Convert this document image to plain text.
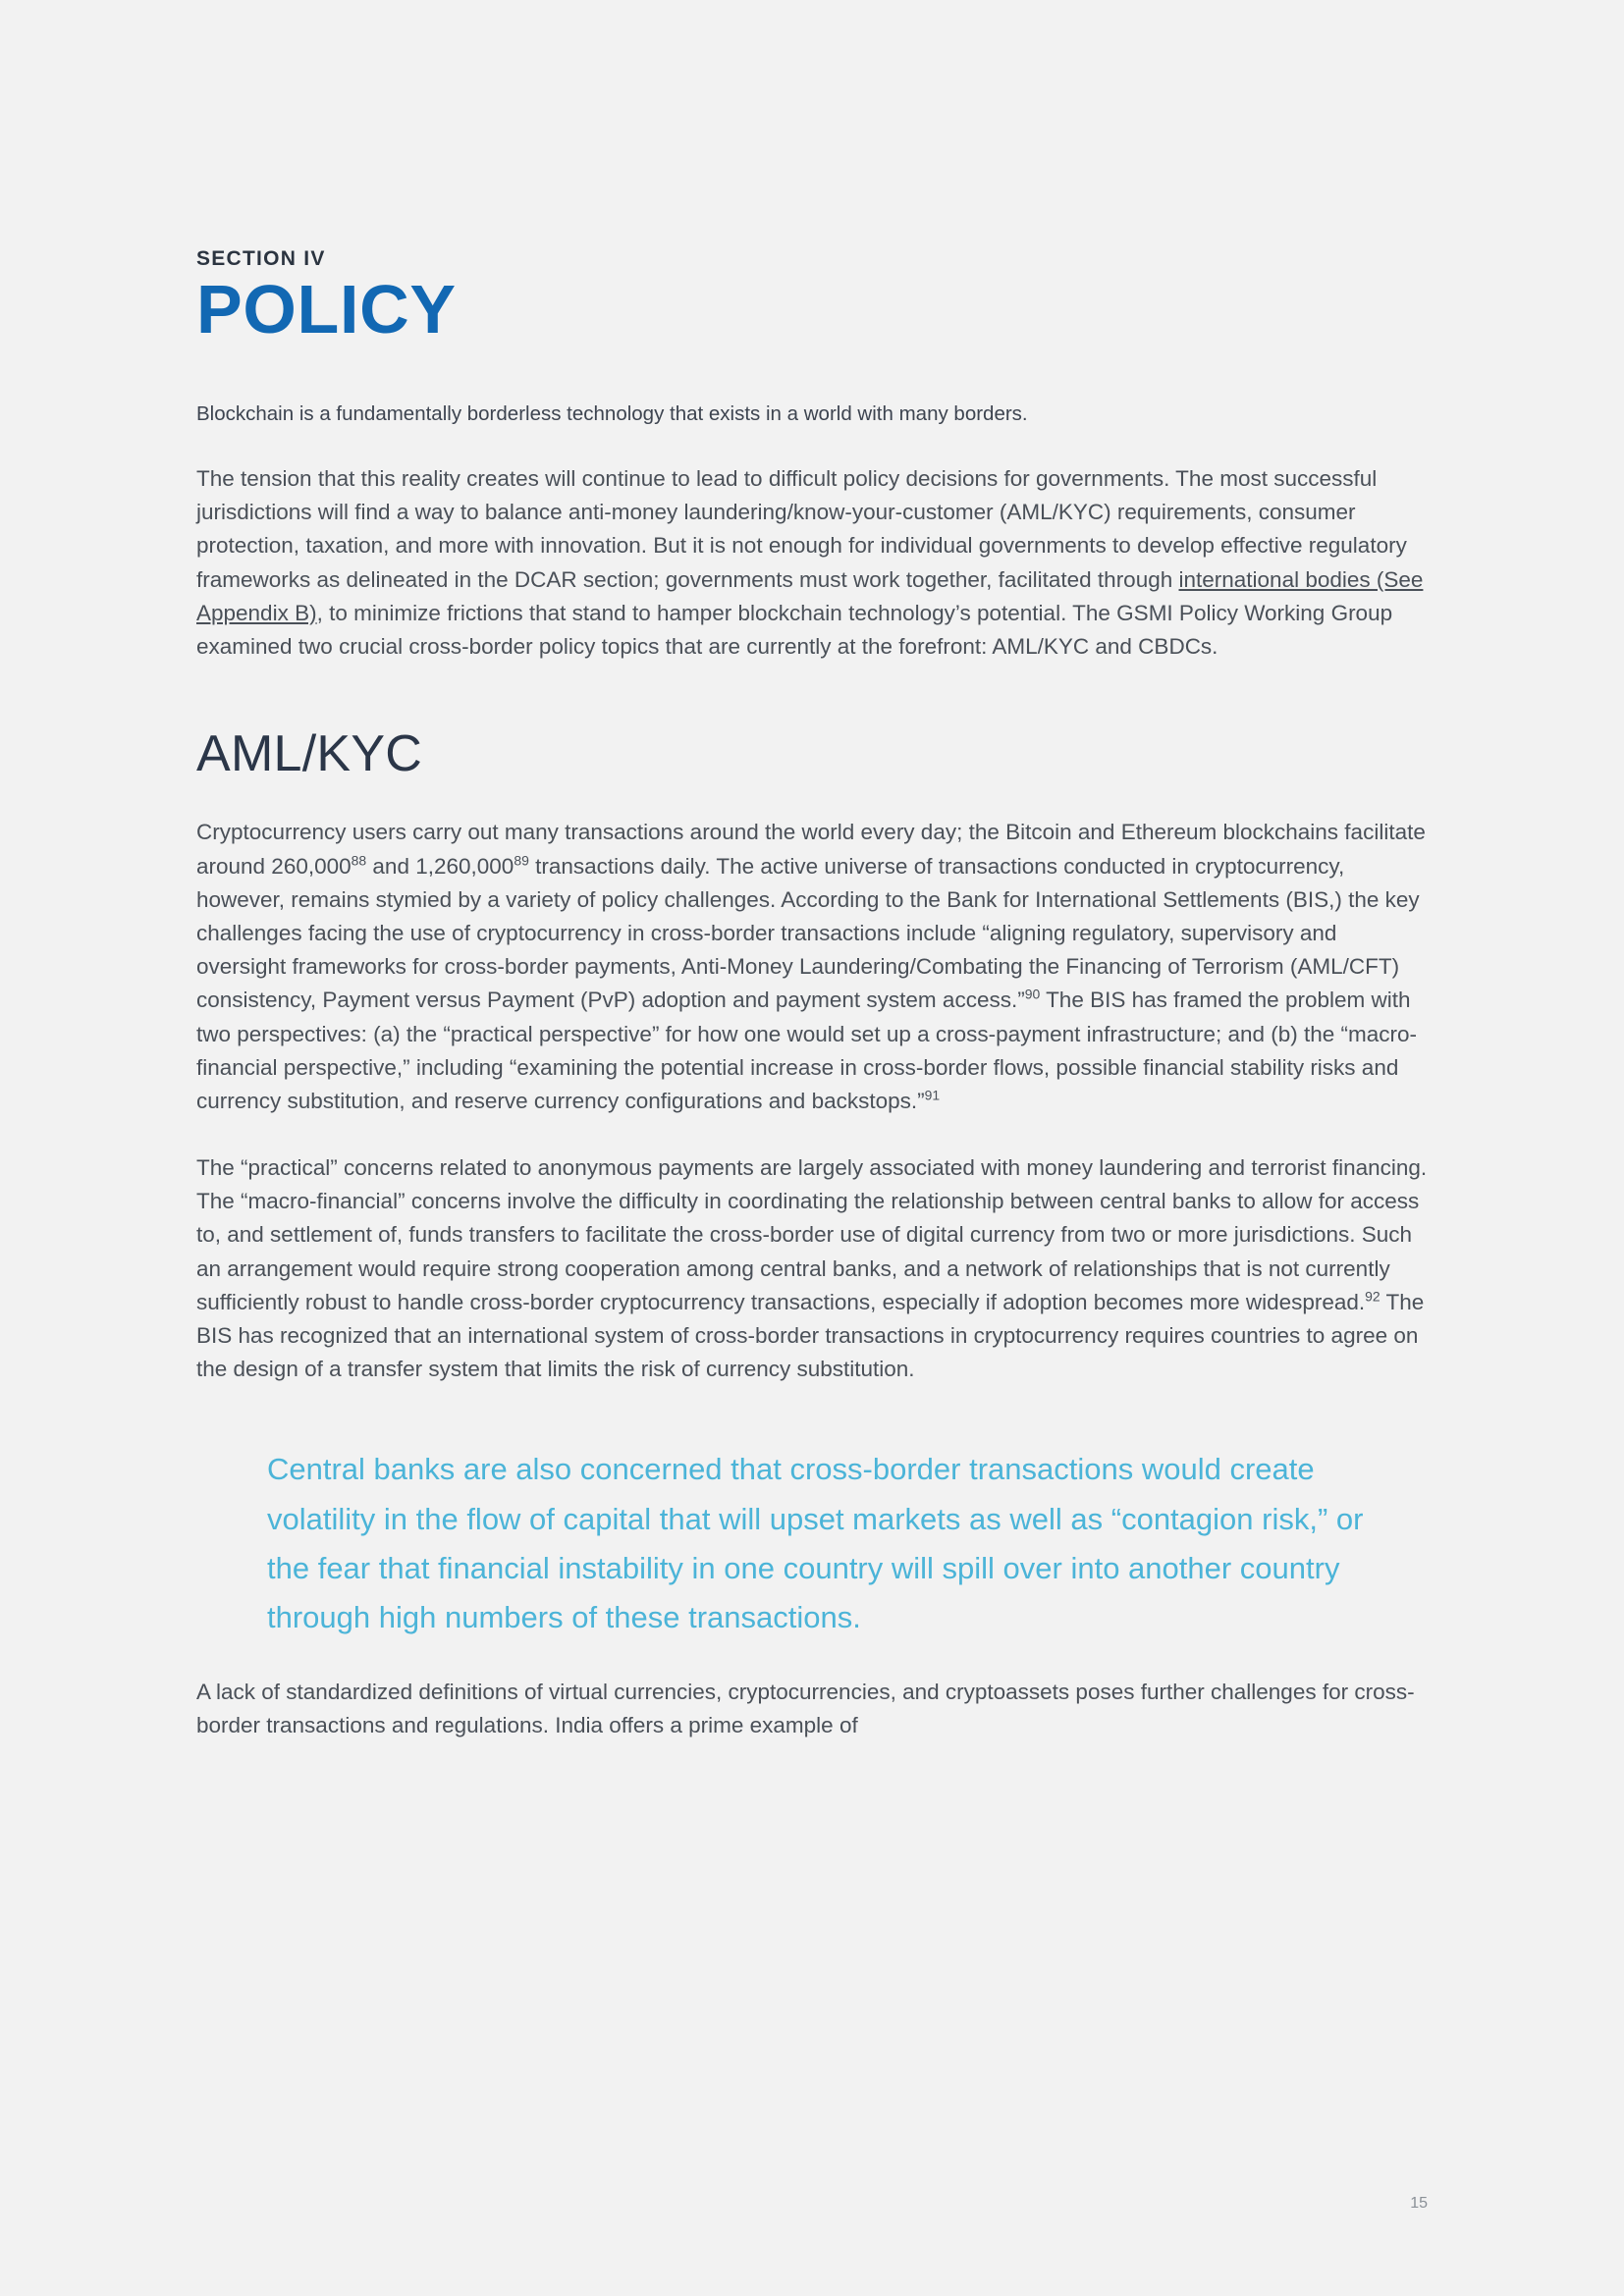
SECTION IV
POLICY

Blockchain is a fundamentally borderless technology that exists in a world with many borders.

The tension that this reality creates will continue to lead to difficult policy decisions for governments. The most successful jurisdictions will find a way to balance anti-money laundering/know-your-customer (AML/KYC) requirements, consumer protection, taxation, and more with innovation. But it is not enough for individual governments to develop effective regulatory frameworks as delineated in the DCAR section; governments must work together, facilitated through international bodies (See Appendix B), to minimize frictions that stand to hamper blockchain technology’s potential. The GSMI Policy Working Group examined two crucial cross-border policy topics that are currently at the forefront: AML/KYC and CBDCs.

AML/KYC

Cryptocurrency users carry out many transactions around the world every day; the Bitcoin and Ethereum blockchains facilitate around 260,000$^{88}$ and 1,260,000$^{89}$ transactions daily. The active universe of transactions conducted in cryptocurrency, however, remains stymied by a variety of policy challenges. According to the Bank for International Settlements (BIS,) the key challenges facing the use of cryptocurrency in cross-border transactions include “aligning regulatory, supervisory and oversight frameworks for cross-border payments, Anti-Money Laundering/Combating the Financing of Terrorism (AML/CFT) consistency, Payment versus Payment (PvP) adoption and payment system access.”$^{90}$ The BIS has framed the problem with two perspectives: (a) the “practical perspective” for how one would set up a cross-payment infrastructure; and (b) the “macro-financial perspective,” including “examining the potential increase in cross-border flows, possible financial stability risks and currency substitution, and reserve currency configurations and backstops.”$^{91}$

The “practical” concerns related to anonymous payments are largely associated with money laundering and terrorist financing. The “macro-financial” concerns involve the difficulty in coordinating the relationship between central banks to allow for access to, and settlement of, funds transfers to facilitate the cross-border use of digital currency from two or more jurisdictions. Such an arrangement would require strong cooperation among central banks, and a network of relationships that is not currently sufficiently robust to handle cross-border cryptocurrency transactions, especially if adoption becomes more widespread.$^{92}$ The BIS has recognized that an international system of cross-border transactions in cryptocurrency requires countries to agree on the design of a transfer system that limits the risk of currency substitution.

Central banks are also concerned that cross-border transactions would create volatility in the flow of capital that will upset markets as well as “contagion risk,” or the fear that financial instability in one country will spill over into another country through high numbers of these transactions.

A lack of standardized definitions of virtual currencies, cryptocurrencies, and cryptoassets poses further challenges for cross-border transactions and regulations. India offers a prime example of

15
